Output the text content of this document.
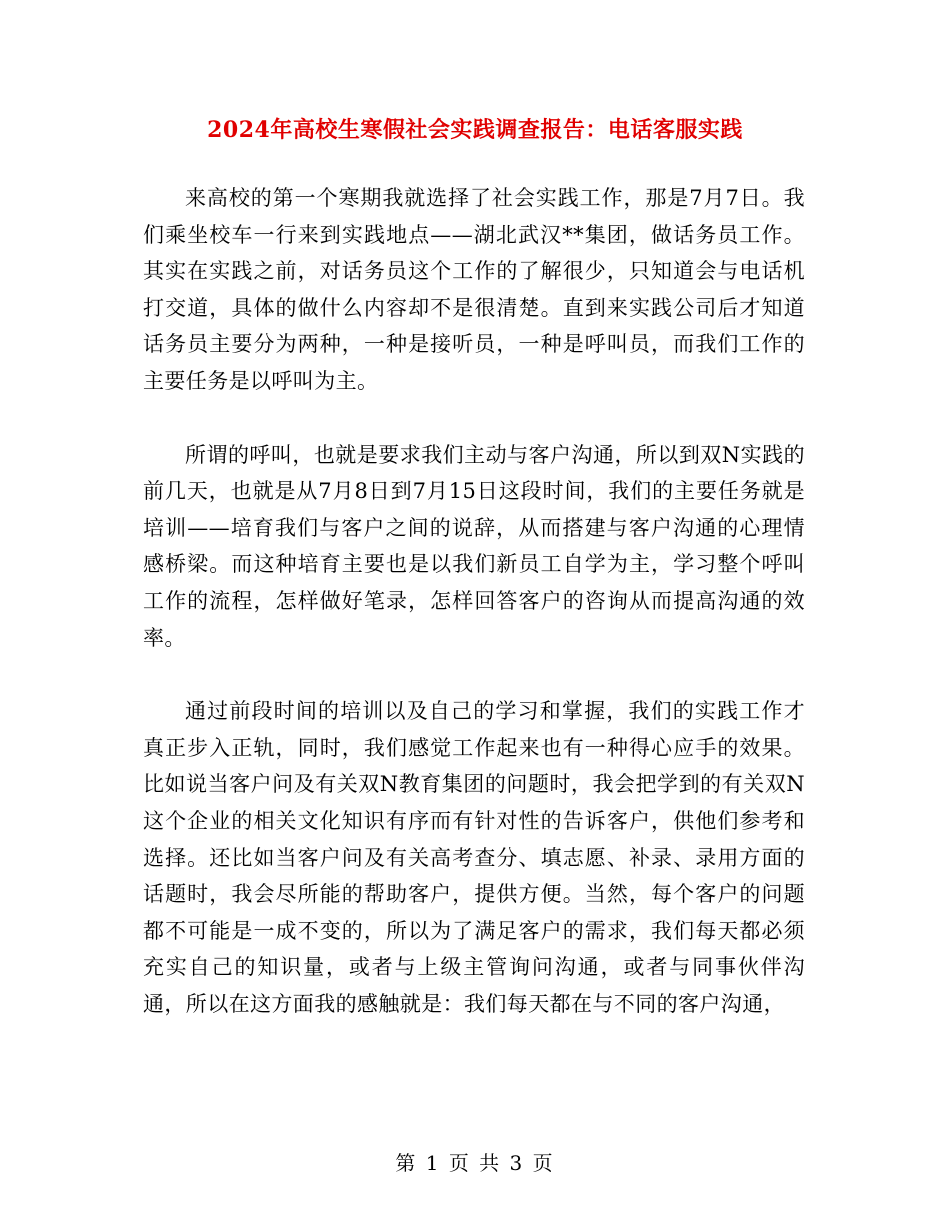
2024年高校生寒假社会实践调查报告：电话客服实践

来高校的第一个寒期我就选择了社会实践工作，那是7月7日。我们乘坐校车一行来到实践地点——湖北武汉**集团，做话务员工作。其实在实践之前，对话务员这个工作的了解很少，只知道会与电话机打交道，具体的做什么内容却不是很清楚。直到来实践公司后才知道话务员主要分为两种，一种是接听员，一种是呼叫员，而我们工作的主要任务是以呼叫为主。

所谓的呼叫，也就是要求我们主动与客户沟通，所以到双N实践的前几天，也就是从7月8日到7月15日这段时间，我们的主要任务就是培训——培育我们与客户之间的说辞，从而搭建与客户沟通的心理情感桥梁。而这种培育主要也是以我们新员工自学为主，学习整个呼叫工作的流程，怎样做好笔录，怎样回答客户的咨询从而提高沟通的效率。

通过前段时间的培训以及自己的学习和掌握，我们的实践工作才真正步入正轨，同时，我们感觉工作起来也有一种得心应手的效果。比如说当客户问及有关双N教育集团的问题时，我会把学到的有关双N这个企业的相关文化知识有序而有针对性的告诉客户，供他们参考和选择。还比如当客户问及有关高考查分、填志愿、补录、录用方面的话题时，我会尽所能的帮助客户，提供方便。当然，每个客户的问题都不可能是一成不变的，所以为了满足客户的需求，我们每天都必须充实自己的知识量，或者与上级主管询问沟通，或者与同事伙伴沟通，所以在这方面我的感触就是：我们每天都在与不同的客户沟通，

第 1 页 共 3 页
